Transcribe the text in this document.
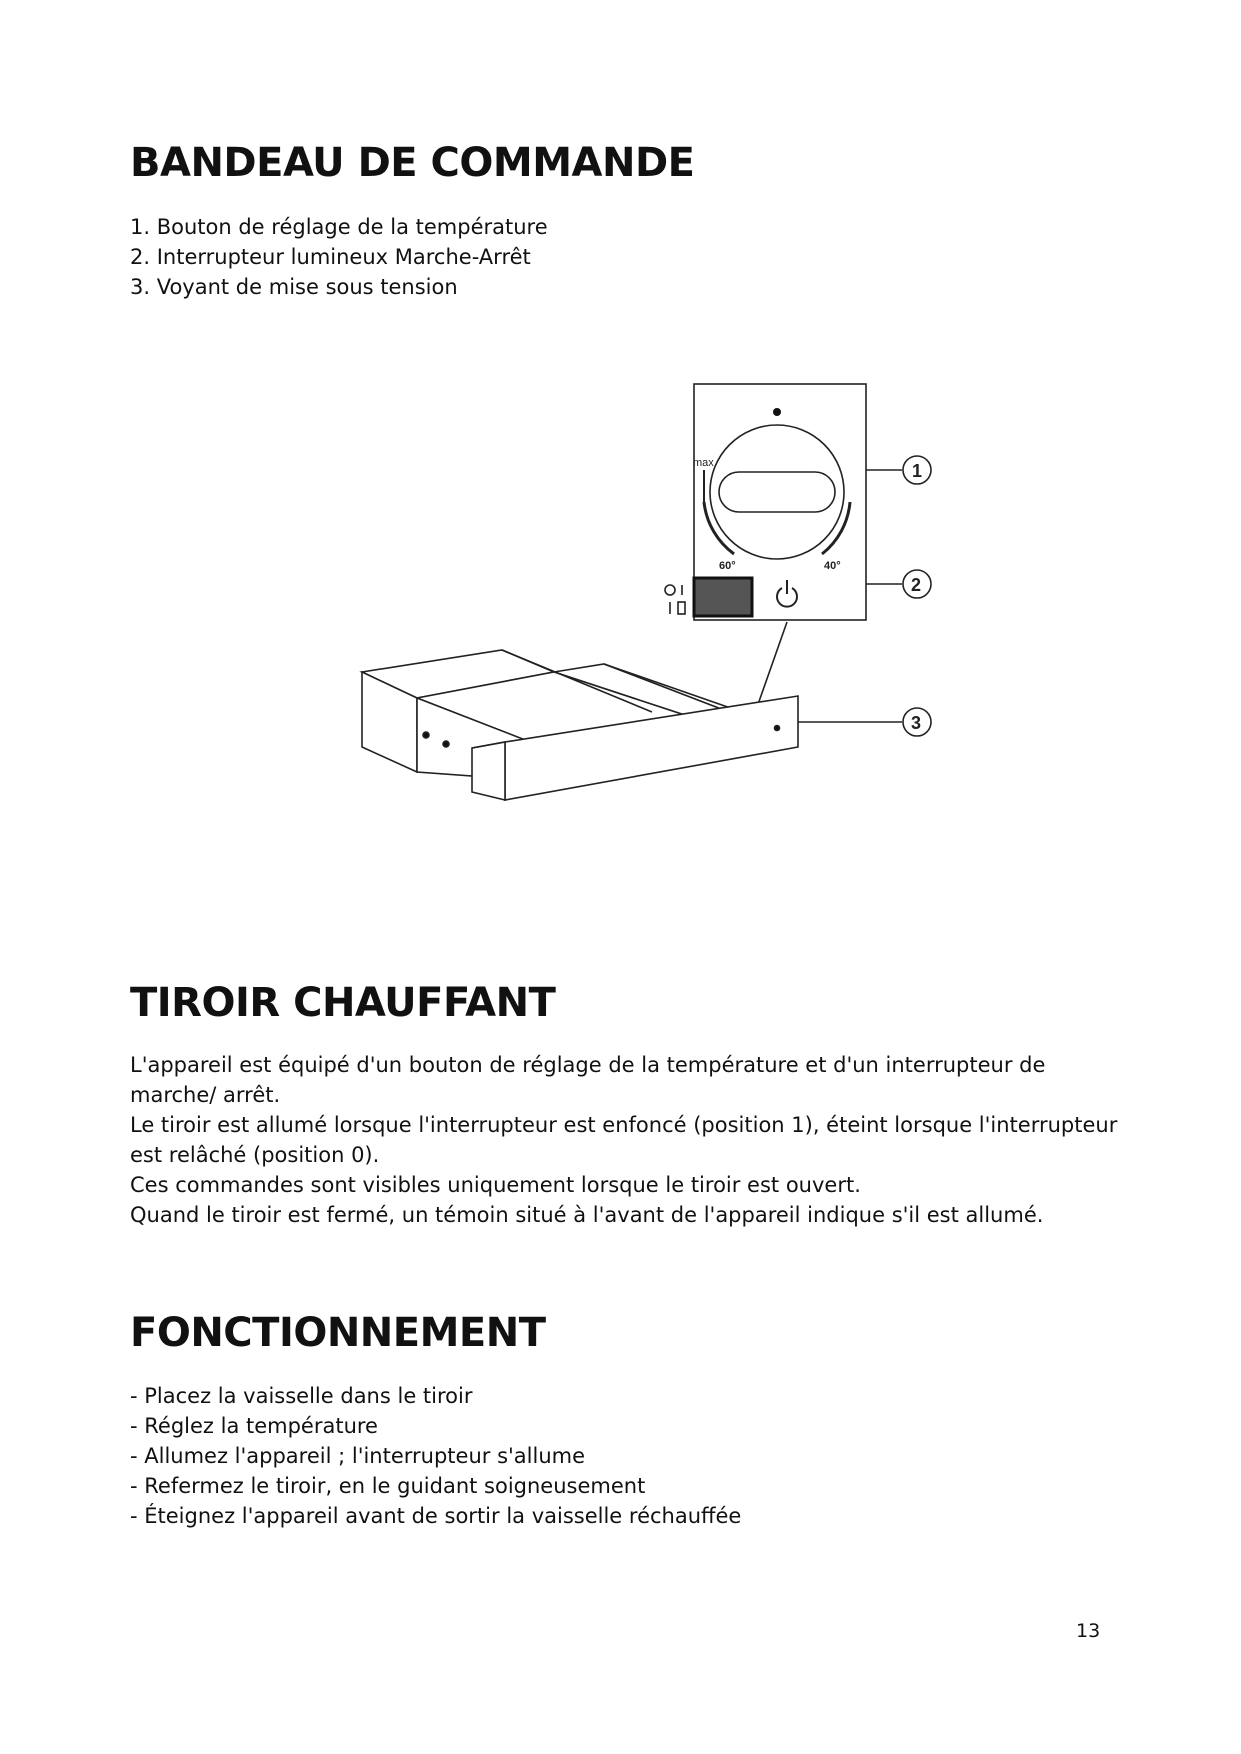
BANDEAU DE COMMANDE
1. Bouton de réglage de la température
2. Interrupteur lumineux Marche-Arrêt
3. Voyant de mise sous tension
max
60°	40°
1
2
3
TIROIR CHAUFFANT

L'appareil est équipé d'un bouton de réglage de la température et d'un interrupteur de marche/ arrêt.

Le tiroir est allumé lorsque l'interrupteur est enfoncé (position 1), éteint lorsque l'interrupteur est relâché (position 0).

Ces commandes sont visibles uniquement lorsque le tiroir est ouvert.

Quand le tiroir est fermé, un témoin situé à l'avant de l'appareil indique s'il est allumé.

FONCTIONNEMENT
- Placez la vaisselle dans le tiroir
- Réglez la température
- Allumez l'appareil ; l'interrupteur s'allume
- Refermez le tiroir, en le guidant soigneusement
- Éteignez l'appareil avant de sortir la vaisselle réchauffée
13
